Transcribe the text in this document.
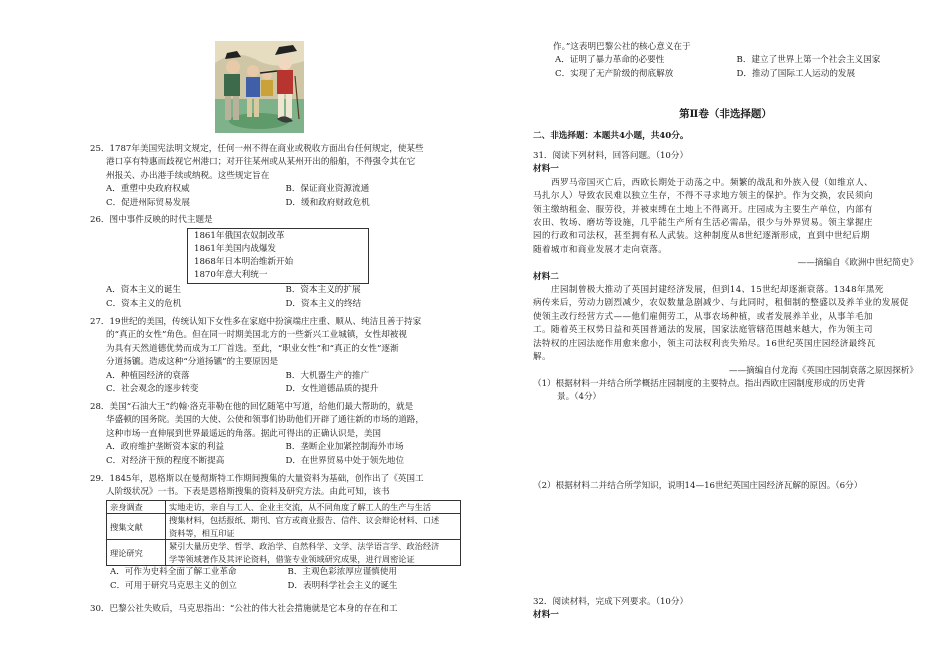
25．1787年美国宪法明文规定，任何一州不得在商业或税收方面出台任何规定，使某些
港口享有特惠而歧视它州港口；对开往某州或从某州开出的船舶，不得强令其在它
州报关、办出港手续或纳税。这些规定旨在
A．重塑中央政府权威	B．保证商业资源流通
C．促进州际贸易发展	D．缓和政府财政危机
26．图中事件反映的时代主题是
1861年俄国农奴制改革
1861年美国内战爆发
1868年日本明治维新开始
1870年意大利统一
A．资本主义的诞生	B．资本主义的扩展
C．资本主义的危机	D．资本主义的终结
27．19世纪的美国，传统认知下女性多在家庭中扮演端庄庄重、顺从、纯洁且善于持家
的“真正的女性”角色。但在同一时期美国北方的一些新兴工业城镇，女性却被视
为具有天然道德优势而成为工厂首选。至此，“职业女性”和“真正的女性”逐渐
分道扬镳。造成这种“分道扬镳”的主要原因是
A．种植园经济的衰落	B．大机器生产的推广
C．社会观念的逐步转变	D．女性道德品质的提升
28．美国“石油大王”约翰·洛克菲勒在他的回忆随笔中写道，给他们最大帮助的，就是
华盛顿的国务院。美国的大使、公使和领事们协助他们开辟了通往新的市场的道路，
这种市场一直伸展到世界最遥远的角落。据此可得出的正确认识是，美国
A．政府维护垄断资本家的利益	B．垄断企业加紧控制海外市场
C．对经济干预的程度不断提高	D．在世界贸易中处于领先地位
29．1845年，恩格斯以在曼彻斯特工作期间搜集的大量资料为基础，创作出了《英国工
人阶级状况》一书。下表是恩格斯搜集的资料及研究方法。由此可知，该书
亲身调查	实地走访，亲自与工人、企业主交流，从不同角度了解工人的生产与生活

搜集文献	搜集材料，包括报纸、期刊、官方或商业报告、信件、议会辩论材料、口述
资料等，相互印证

理论研究	紧引大量历史学、哲学、政治学、自然科学、文学、法学语言学、政治经济
学等领域著作及其评论资料，借鉴专业领域研究成果，进行周密论证
A．可作为史料全面了解工业革命	B．主观色彩浓厚应谨慎使用
C．可用于研究马克思主义的创立	D．表明科学社会主义的诞生
30．巴黎公社失败后，马克思指出：“公社的伟大社会措施就是它本身的存在和工
作。”这表明巴黎公社的核心意义在于
A．证明了暴力革命的必要性	B．建立了世界上第一个社会主义国家
C．实现了无产阶级的彻底解放	D．推动了国际工人运动的发展
第Ⅱ卷（非选择题）
二、非选择题：本题共4小题，共40分。
31．阅读下列材料，回答问题。（10分）
材料一
西罗马帝国灭亡后，西欧长期处于动荡之中。频繁的战乱和外族入侵（如维京人、
马扎尔人）导致农民难以独立生存，不得不寻求地方领主的保护。作为交换，农民须向
领主缴纳租金、服劳役，并被束缚在土地上不得离开。庄园成为主要生产单位，内部有
农田、牧场、磨坊等设施，几乎能生产所有生活必需品，很少与外界贸易。领主掌握庄
园的行政和司法权，甚至拥有私人武装。这种制度从8世纪逐渐形成，直到中世纪后期
随着城市和商业发展才走向衰落。
——摘编自《欧洲中世纪简史》
材料二
庄园制曾极大推动了英国封建经济发展，但到14、15世纪却逐渐衰落。1348年黑死
病传来后，劳动力剧烈减少，农奴数量急剧减少、与此同时，租佃制的整盛以及养羊业的发展促
使领主改行经营方式——他们雇佣劳工，从事农场种植，或者发展养羊业，从事羊毛加
工。随着英王权势日益和英国普通法的发展，国家法庭管辖范围越来越大，作为领主司
法特权的庄园法庭作用愈来愈小，领主司法权利丧失殆尽。16世纪英国庄园经济最终瓦
解。
——摘编自付龙海《英国庄园制衰落之原因探析》
（1）根据材料一并结合所学概括庄园制度的主要特点。指出西欧庄园制度形成的历史背
景。（4分）
（2）根据材料二并结合所学知识，说明14—16世纪英国庄园经济瓦解的原因。（6分）
32．阅读材料，完成下列要求。（10分）
材料一
